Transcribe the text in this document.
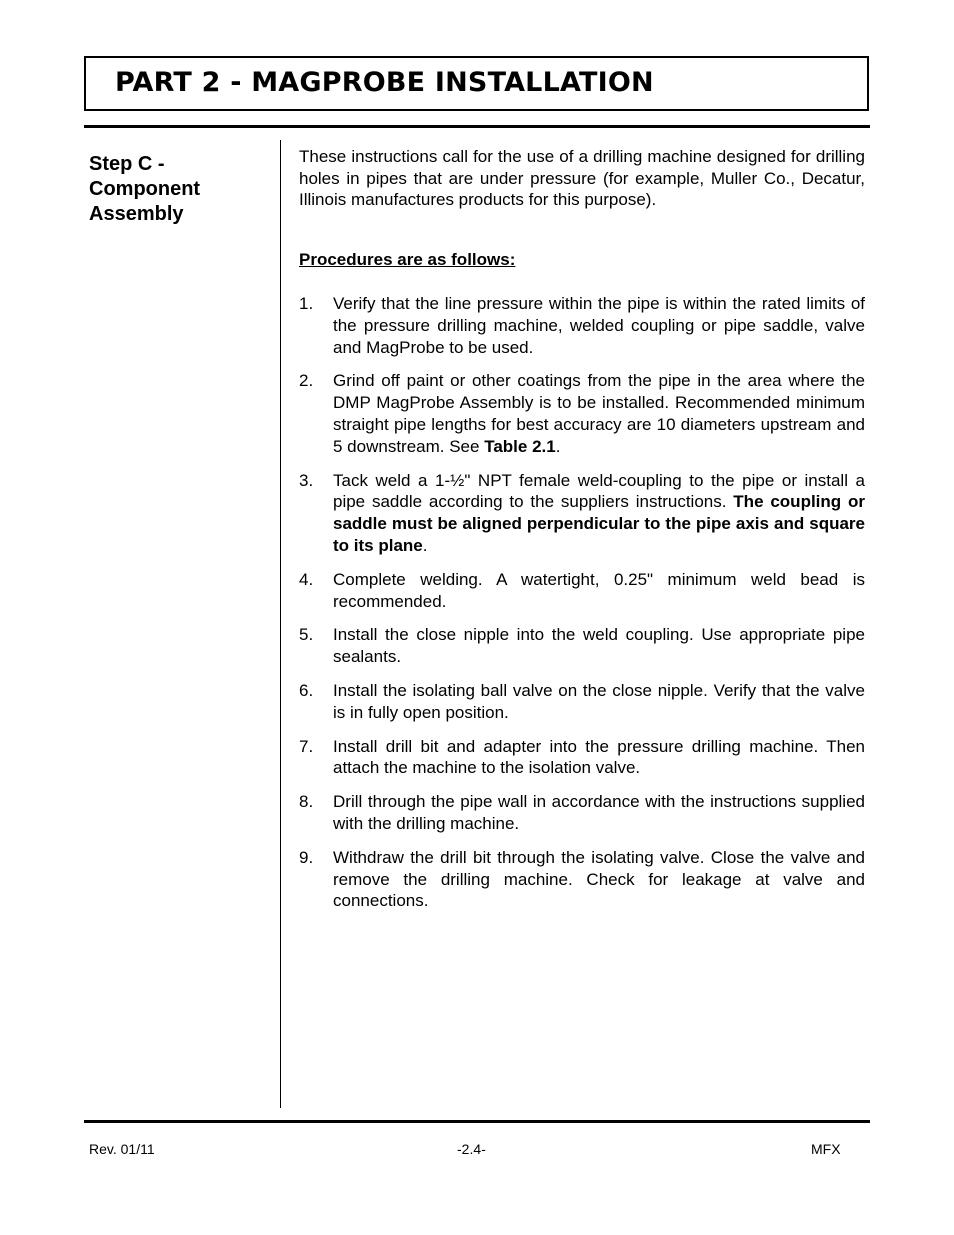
PART 2 - MAGPROBE INSTALLATION
Step C -
Component
Assembly
These instructions call for the use of a drilling machine designed for drilling holes in pipes that are under pressure (for example, Muller Co., Decatur, Illinois manufactures products for this purpose).
Procedures are as follows:
1. Verify that the line pressure within the pipe is within the rated limits of the pressure drilling machine, welded coupling or pipe saddle, valve and MagProbe to be used.
2. Grind off paint or other coatings from the pipe in the area where the DMP MagProbe Assembly is to be installed. Recommended minimum straight pipe lengths for best accuracy are 10 diameters upstream and 5 downstream. See Table 2.1.
3. Tack weld a 1-½" NPT female weld-coupling to the pipe or install a pipe saddle according to the suppliers instructions. The coupling or saddle must be aligned perpendicular to the pipe axis and square to its plane.
4. Complete welding. A watertight, 0.25" minimum weld bead is recommended.
5. Install the close nipple into the weld coupling. Use appropriate pipe sealants.
6. Install the isolating ball valve on the close nipple. Verify that the valve is in fully open position.
7. Install drill bit and adapter into the pressure drilling machine. Then attach the machine to the isolation valve.
8. Drill through the pipe wall in accordance with the instructions supplied with the drilling machine.
9. Withdraw the drill bit through the isolating valve. Close the valve and remove the drilling machine. Check for leakage at valve and connections.
Rev. 01/11	-2.4-	MFX
